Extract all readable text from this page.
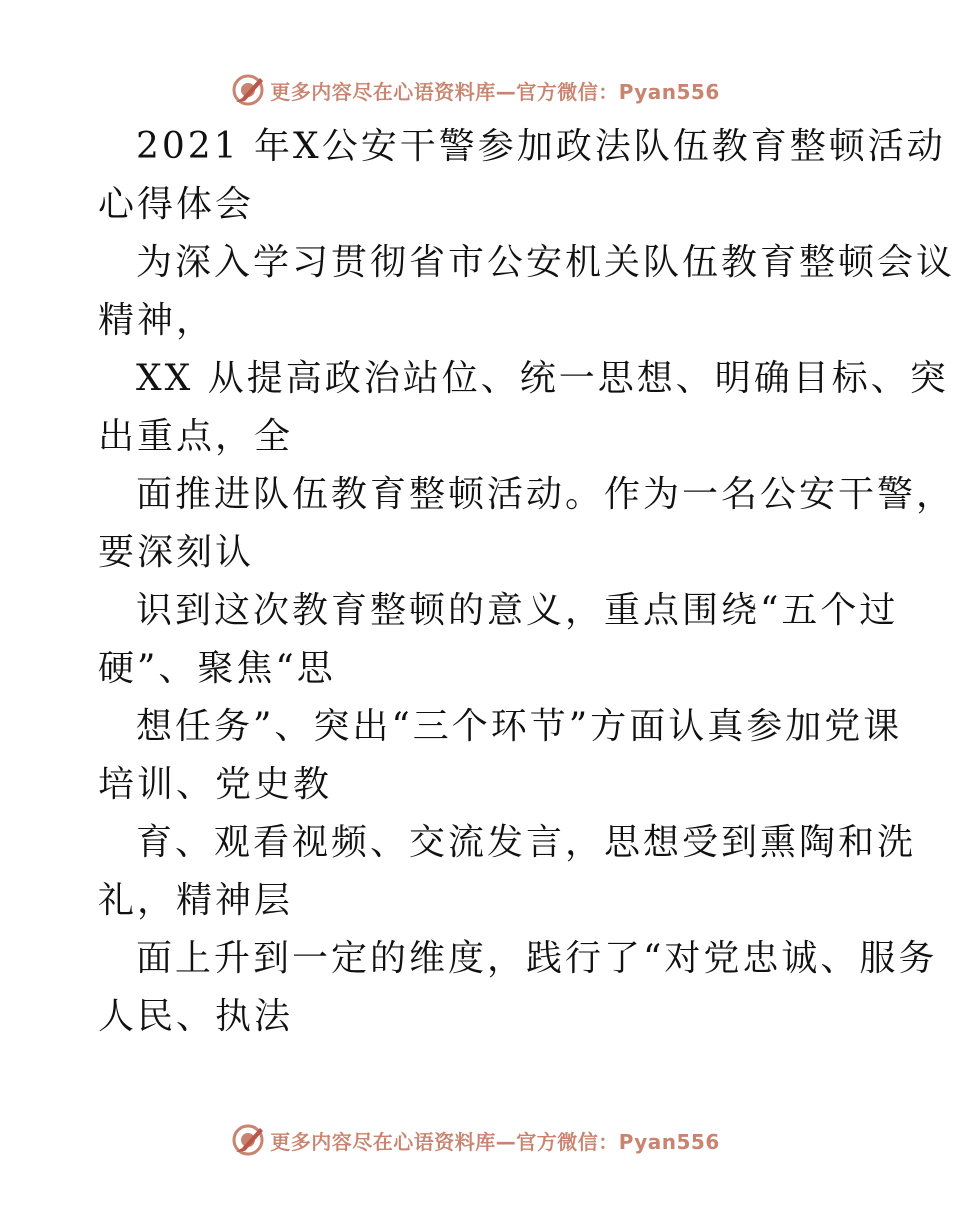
更多内容尽在心语资料库—官方微信：Pyan556
2021 年X公安干警参加政法队伍教育整顿活动
心得体会
为深入学习贯彻省市公安机关队伍教育整顿会议
精神，
XX 从提高政治站位、统一思想、明确目标、突
出重点，全
面推进队伍教育整顿活动。作为一名公安干警，
要深刻认
识到这次教育整顿的意义，重点围绕“五个过
硬”、聚焦“思
想任务”、突出“三个环节”方面认真参加党课
培训、党史教
育、观看视频、交流发言，思想受到熏陶和洗
礼，精神层
面上升到一定的维度，践行了“对党忠诚、服务
人民、执法
更多内容尽在心语资料库—官方微信：Pyan556
